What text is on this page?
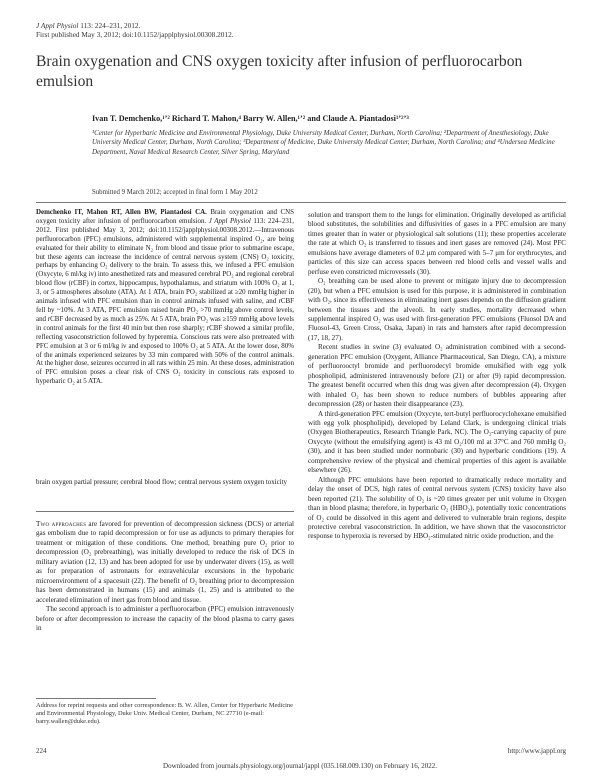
J Appl Physiol 113: 224–231, 2012.
First published May 3, 2012; doi:10.1152/japplphysiol.00308.2012.
Brain oxygenation and CNS oxygen toxicity after infusion of perfluorocarbon emulsion
Ivan T. Demchenko,¹ʼ² Richard T. Mahon,⁴ Barry W. Allen,¹ʼ² and Claude A. Piantadosi¹ʼ²ʼ³
¹Center for Hyperbaric Medicine and Environmental Physiology, Duke University Medical Center, Durham, North Carolina; ²Department of Anesthesiology, Duke University Medical Center, Durham, North Carolina; ³Department of Medicine, Duke University Medical Center, Durham, North Carolina; and ⁴Undersea Medicine Department, Naval Medical Research Center, Silver Spring, Maryland
Submitted 9 March 2012; accepted in final form 1 May 2012
Demchenko IT, Mahon RT, Allen BW, Piantadosi CA. Brain oxygenation and CNS oxygen toxicity after infusion of perfluorocarbon emulsion. J Appl Physiol 113: 224–231, 2012. First published May 3, 2012; doi:10.1152/japplphysiol.00308.2012.—Intravenous perfluorocarbon (PFC) emulsions, administered with supplemental inspired O₂, are being evaluated for their ability to eliminate N₂ from blood and tissue prior to submarine escape, but these agents can increase the incidence of central nervous system (CNS) O₂ toxicity, perhaps by enhancing O₂ delivery to the brain. To assess this, we infused a PFC emulsion (Oxycyte, 6 ml/kg iv) into anesthetized rats and measured cerebral PO₂ and regional cerebral blood flow (rCBF) in cortex, hippocampus, hypothalamus, and striatum with 100% O₂ at 1, 3, or 5 atmospheres absolute (ATA). At 1 ATA, brain PO₂ stabilized at ≥20 mmHg higher in animals infused with PFC emulsion than in control animals infused with saline, and rCBF fell by ~10%. At 3 ATA, PFC emulsion raised brain PO₂ >70 mmHg above control levels, and rCBF decreased by as much as 25%. At 5 ATA, brain PO₂ was ≥159 mmHg above levels in control animals for the first 40 min but then rose sharply; rCBF showed a similar profile, reflecting vasoconstriction followed by hyperemia. Conscious rats were also pretreated with PFC emulsion at 3 or 6 ml/kg iv and exposed to 100% O₂ at 5 ATA. At the lower dose, 80% of the animals experienced seizures by 33 min compared with 50% of the control animals. At the higher dose, seizures occurred in all rats within 25 min. At these doses, administration of PFC emulsion poses a clear risk of CNS O₂ toxicity in conscious rats exposed to hyperbaric O₂ at 5 ATA.
brain oxygen partial pressure; cerebral blood flow; central nervous system oxygen toxicity

Two approaches are favored for prevention of decompression sickness (DCS) or arterial gas embolism due to rapid decompression or for use as adjuncts to primary therapies for treatment or mitigation of these conditions. One method, breathing pure O₂ prior to decompression (O₂ prebreathing), was initially developed to reduce the risk of DCS in military aviation (12, 13) and has been adopted for use by underwater divers (15), as well as for preparation of astronauts for extravehicular excursions in the hypobaric microenvironment of a spacesuit (22). The benefit of O₂ breathing prior to decompression has been demonstrated in humans (15) and animals (1, 25) and is attributed to the accelerated elimination of inert gas from blood and tissue.

The second approach is to administer a perfluorocarbon (PFC) emulsion intravenously before or after decompression to increase the capacity of the blood plasma to carry gases in

Address for reprint requests and other correspondence: B. W. Allen, Center for Hyperbaric Medicine and Environmental Physiology, Duke Univ. Medical Center, Durham, NC 27710 (e-mail: barry.wallen@duke.edu).

solution and transport them to the lungs for elimination. Originally developed as artificial blood substitutes, the solubilities and diffusivities of gases in a PFC emulsion are many times greater than in water or physiological salt solutions (11); these properties accelerate the rate at which O₂ is transferred to tissues and inert gases are removed (24). Most PFC emulsions have average diameters of 0.2 μm compared with 5–7 μm for erythrocytes, and particles of this size can access spaces between red blood cells and vessel walls and perfuse even constricted microvessels (30).

O₂ breathing can be used alone to prevent or mitigate injury due to decompression (20), but when a PFC emulsion is used for this purpose, it is administered in combination with O₂, since its effectiveness in eliminating inert gases depends on the diffusion gradient between the tissues and the alveoli. In early studies, mortality decreased when supplemental inspired O₂ was used with first-generation PFC emulsions (Fluosol DA and Fluosol-43, Green Cross, Osaka, Japan) in rats and hamsters after rapid decompression (17, 18, 27).

Recent studies in swine (3) evaluated O₂ administration combined with a second-generation PFC emulsion (Oxygent, Alliance Pharmaceutical, San Diego, CA), a mixture of perfluorooctyl bromide and perfluorodecyl bromide emulsified with egg yolk phospholipid, administered intravenously before (21) or after (9) rapid decompression. The greatest benefit occurred when this drug was given after decompression (4). Oxygen with inhaled O₂ has been shown to reduce numbers of bubbles appearing after decompression (28) or hasten their disappearance (23).

A third-generation PFC emulsion (Oxycyte, tert-butyl perfluorocyclohexane emulsified with egg yolk phospholipid), developed by Leland Clark, is undergoing clinical trials (Oxygen Biotherapeutics, Research Triangle Park, NC). The O₂-carrying capacity of pure Oxycyte (without the emulsifying agent) is 43 ml O₂/100 ml at 37°C and 760 mmHg O₂ (30), and it has been studied under normobaric (30) and hyperbaric conditions (19). A comprehensive review of the physical and chemical properties of this agent is available elsewhere (26).

Although PFC emulsions have been reported to dramatically reduce mortality and delay the onset of DCS, high rates of central nervous system (CNS) toxicity have also been reported (21). The solubility of O₂ is ~20 times greater per unit volume in Oxygen than in blood plasma; therefore, in hyperbaric O₂ (HBO₂), potentially toxic concentrations of O₂ could be dissolved in this agent and delivered to vulnerable brain regions, despite protective cerebral vasoconstriction. In addition, we have shown that the vasoconstrictor response to hyperoxia is reversed by HBO₂-stimulated nitric oxide production, and the

224	http://www.jappl.org
Downloaded from journals.physiology.org/journal/jappl (035.168.009.130) on February 16, 2022.
